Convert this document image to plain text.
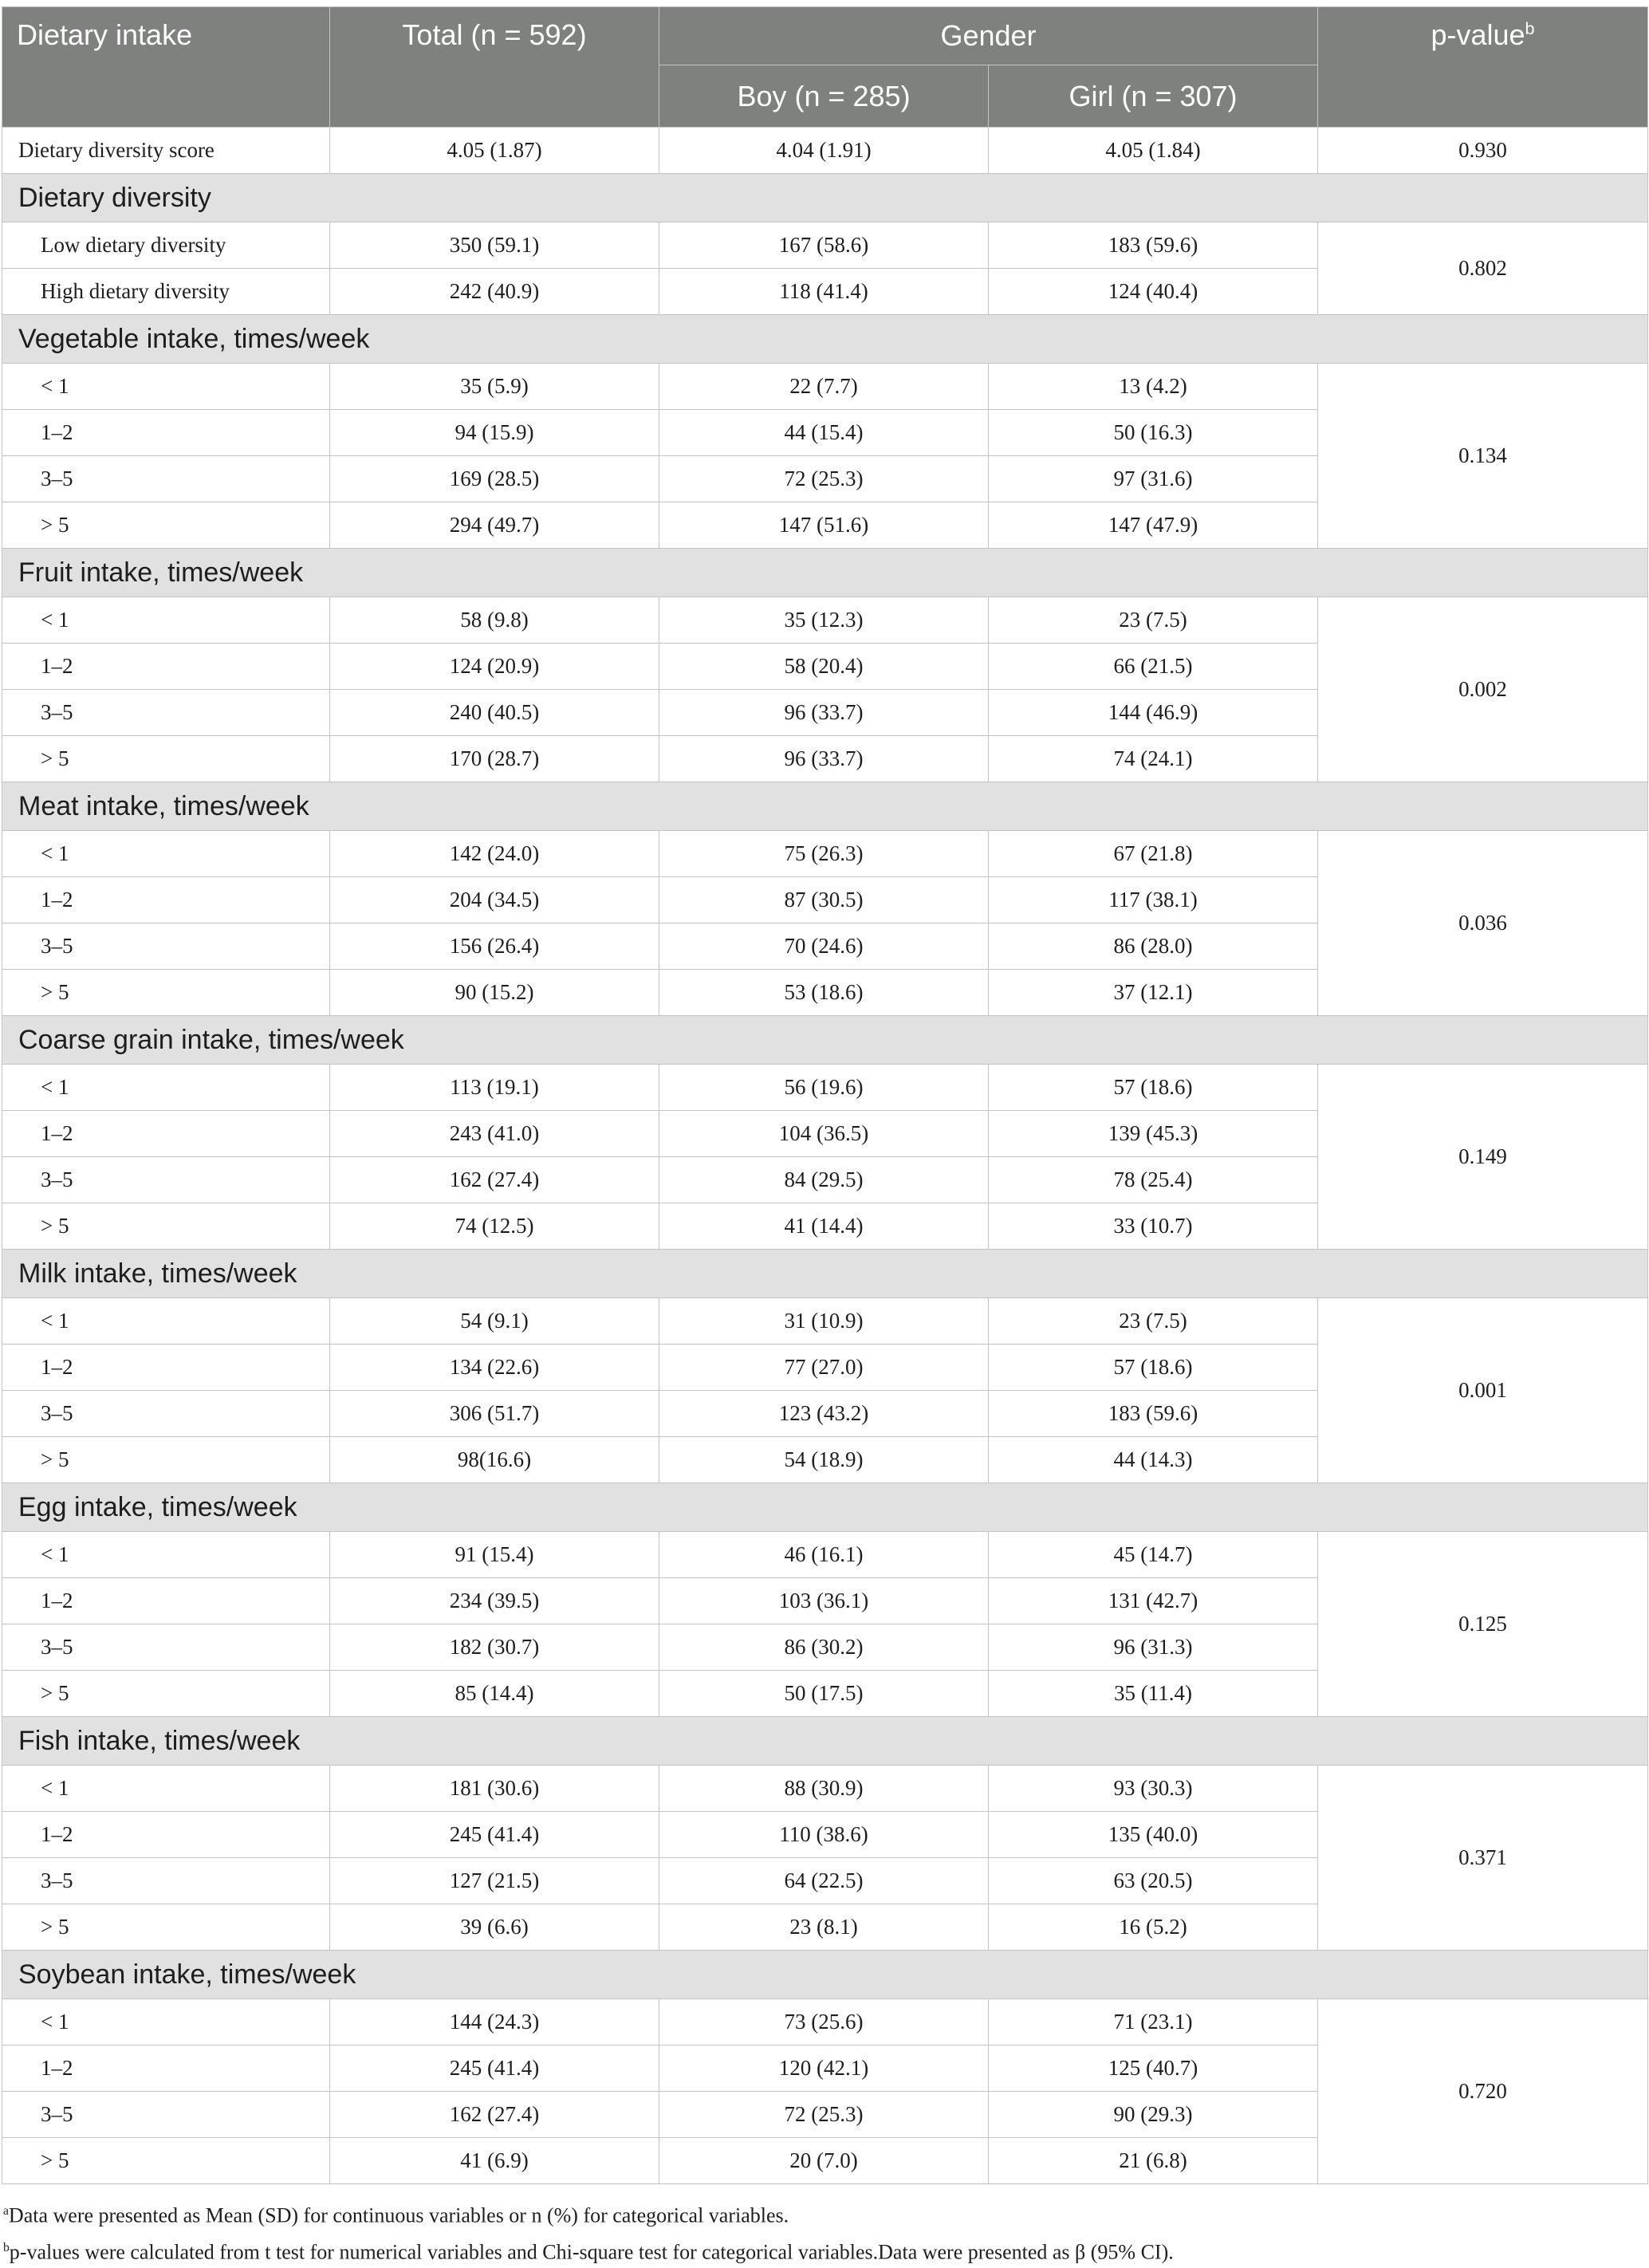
Dietary intake	Total (n = 592)	Gender		p-value$^b$
		Boy (n = 285)	Girl (n = 307)	
Dietary diversity score	4.05 (1.87)	4.04 (1.91)	4.05 (1.84)	0.930
Dietary diversity				
Low dietary diversity	350 (59.1)	167 (58.6)	183 (59.6)	0.802
High dietary diversity	242 (40.9)	118 (41.4)	124 (40.4)	
Vegetable intake, times/week				
< 1	35 (5.9)	22 (7.7)	13 (4.2)	0.134
1–2	94 (15.9)	44 (15.4)	50 (16.3)	
3–5	169 (28.5)	72 (25.3)	97 (31.6)	
> 5	294 (49.7)	147 (51.6)	147 (47.9)	
Fruit intake, times/week				
< 1	58 (9.8)	35 (12.3)	23 (7.5)	0.002
1–2	124 (20.9)	58 (20.4)	66 (21.5)	
3–5	240 (40.5)	96 (33.7)	144 (46.9)	
> 5	170 (28.7)	96 (33.7)	74 (24.1)	
Meat intake, times/week				
< 1	142 (24.0)	75 (26.3)	67 (21.8)	0.036
1–2	204 (34.5)	87 (30.5)	117 (38.1)	
3–5	156 (26.4)	70 (24.6)	86 (28.0)	
> 5	90 (15.2)	53 (18.6)	37 (12.1)	
Coarse grain intake, times/week				
< 1	113 (19.1)	56 (19.6)	57 (18.6)	0.149
1–2	243 (41.0)	104 (36.5)	139 (45.3)	
3–5	162 (27.4)	84 (29.5)	78 (25.4)	
> 5	74 (12.5)	41 (14.4)	33 (10.7)	
Milk intake, times/week				
< 1	54 (9.1)	31 (10.9)	23 (7.5)	0.001
1–2	134 (22.6)	77 (27.0)	57 (18.6)	
3–5	306 (51.7)	123 (43.2)	183 (59.6)	
> 5	98(16.6)	54 (18.9)	44 (14.3)	
Egg intake, times/week				
< 1	91 (15.4)	46 (16.1)	45 (14.7)	0.125
1–2	234 (39.5)	103 (36.1)	131 (42.7)	
3–5	182 (30.7)	86 (30.2)	96 (31.3)	
> 5	85 (14.4)	50 (17.5)	35 (11.4)	
Fish intake, times/week				
< 1	181 (30.6)	88 (30.9)	93 (30.3)	0.371
1–2	245 (41.4)	110 (38.6)	135 (40.0)	
3–5	127 (21.5)	64 (22.5)	63 (20.5)	
> 5	39 (6.6)	23 (8.1)	16 (5.2)	
Soybean intake, times/week				
< 1	144 (24.3)	73 (25.6)	71 (23.1)	0.720
1–2	245 (41.4)	120 (42.1)	125 (40.7)	
3–5	162 (27.4)	72 (25.3)	90 (29.3)	
> 5	41 (6.9)	20 (7.0)	21 (6.8)	
$^a$Data were presented as Mean (SD) for continuous variables or n (%) for categorical variables.
$^b$p-values were calculated from t test for numerical variables and Chi-square test for categorical variables.Data were presented as β (95% CI).
